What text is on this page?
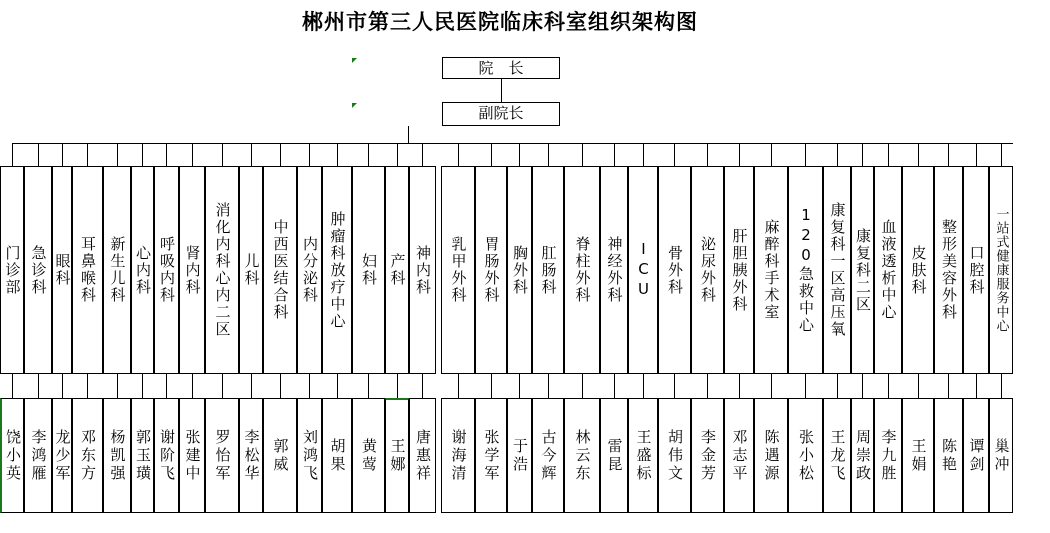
郴州市第三人民医院临床科室组织架构图
院　长
副院长
门诊部
饶小英
急诊科
李鸿雁
眼科
龙少军
耳鼻喉科
邓东方
新生儿科
杨凯强
心内科
郭玉璜
呼吸内科
谢阶飞
肾内科
张建中
消化内科心内二区
罗怡军
儿科
李松华
中西医结合科
郭威
内分泌科
刘鸿飞
肿瘤科放疗中心
胡果
妇科
黄莺
产科
王娜
神内科
唐惠祥
乳甲外科
谢海清
胃肠外科
张学军
胸外科
于浩
肛肠科
古今辉
脊柱外科
林云东
神经外科
雷昆
ICU
王盛标
骨外科
胡伟文
泌尿外科
李金芳
肝胆胰外科
邓志平
麻醉科手术室
陈遇源
120急救中心
张小松
康复科一区高压氧
王龙飞
康复科二区
周崇政
血液透析中心
李九胜
皮肤科
王娟
整形美容外科
陈艳
口腔科
谭剑
一站式健康服务中心
巢冲
